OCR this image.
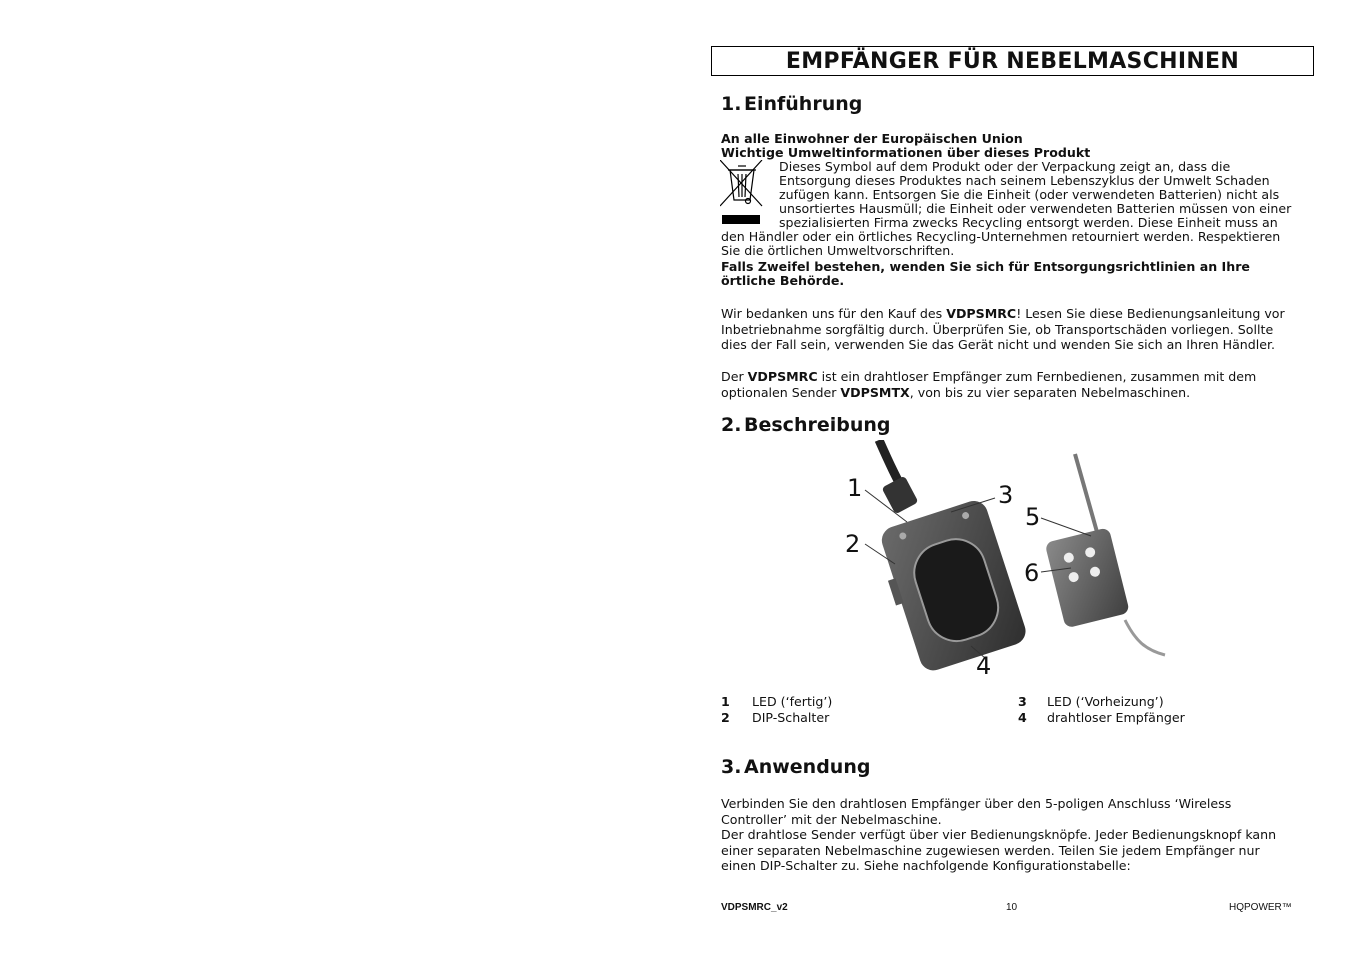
EMPFÄNGER FÜR NEBELMASCHINEN
1. Einführung
An alle Einwohner der Europäischen Union
Wichtige Umweltinformationen über dieses Produkt
Dieses Symbol auf dem Produkt oder der Verpackung zeigt an, dass die
Entsorgung dieses Produktes nach seinem Lebenszyklus der Umwelt Schaden
zufügen kann. Entsorgen Sie die Einheit (oder verwendeten Batterien) nicht als
unsortiertes Hausmüll; die Einheit oder verwendeten Batterien müssen von einer
spezialisierten Firma zwecks Recycling entsorgt werden. Diese Einheit muss an
den Händler oder ein örtliches Recycling-Unternehmen retourniert werden. Respektieren
Sie die örtlichen Umweltvorschriften.
Falls Zweifel bestehen, wenden Sie sich für Entsorgungsrichtlinien an Ihre
örtliche Behörde.
Wir bedanken uns für den Kauf des VDPSMRC! Lesen Sie diese Bedienungsanleitung vor
Inbetriebnahme sorgfältig durch. Überprüfen Sie, ob Transportschäden vorliegen. Sollte
dies der Fall sein, verwenden Sie das Gerät nicht und wenden Sie sich an Ihren Händler.
Der VDPSMRC ist ein drahtloser Empfänger zum Fernbedienen, zusammen mit dem
optionalen Sender VDPSMTX, von bis zu vier separaten Nebelmaschinen.
2. Beschreibung
1
2
3
4
5
6
1 LED (‘fertig’)
2 DIP-Schalter
3 LED (‘Vorheizung’)
4 drahtloser Empfänger
3. Anwendung
Verbinden Sie den drahtlosen Empfänger über den 5-poligen Anschluss ‘Wireless
Controller’ mit der Nebelmaschine.
Der drahtlose Sender verfügt über vier Bedienungsknöpfe. Jeder Bedienungsknopf kann
einer separaten Nebelmaschine zugewiesen werden. Teilen Sie jedem Empfänger nur
einen DIP-Schalter zu. Siehe nachfolgende Konfigurationstabelle:
VDPSMRC_v2	10	HQPOWER™
